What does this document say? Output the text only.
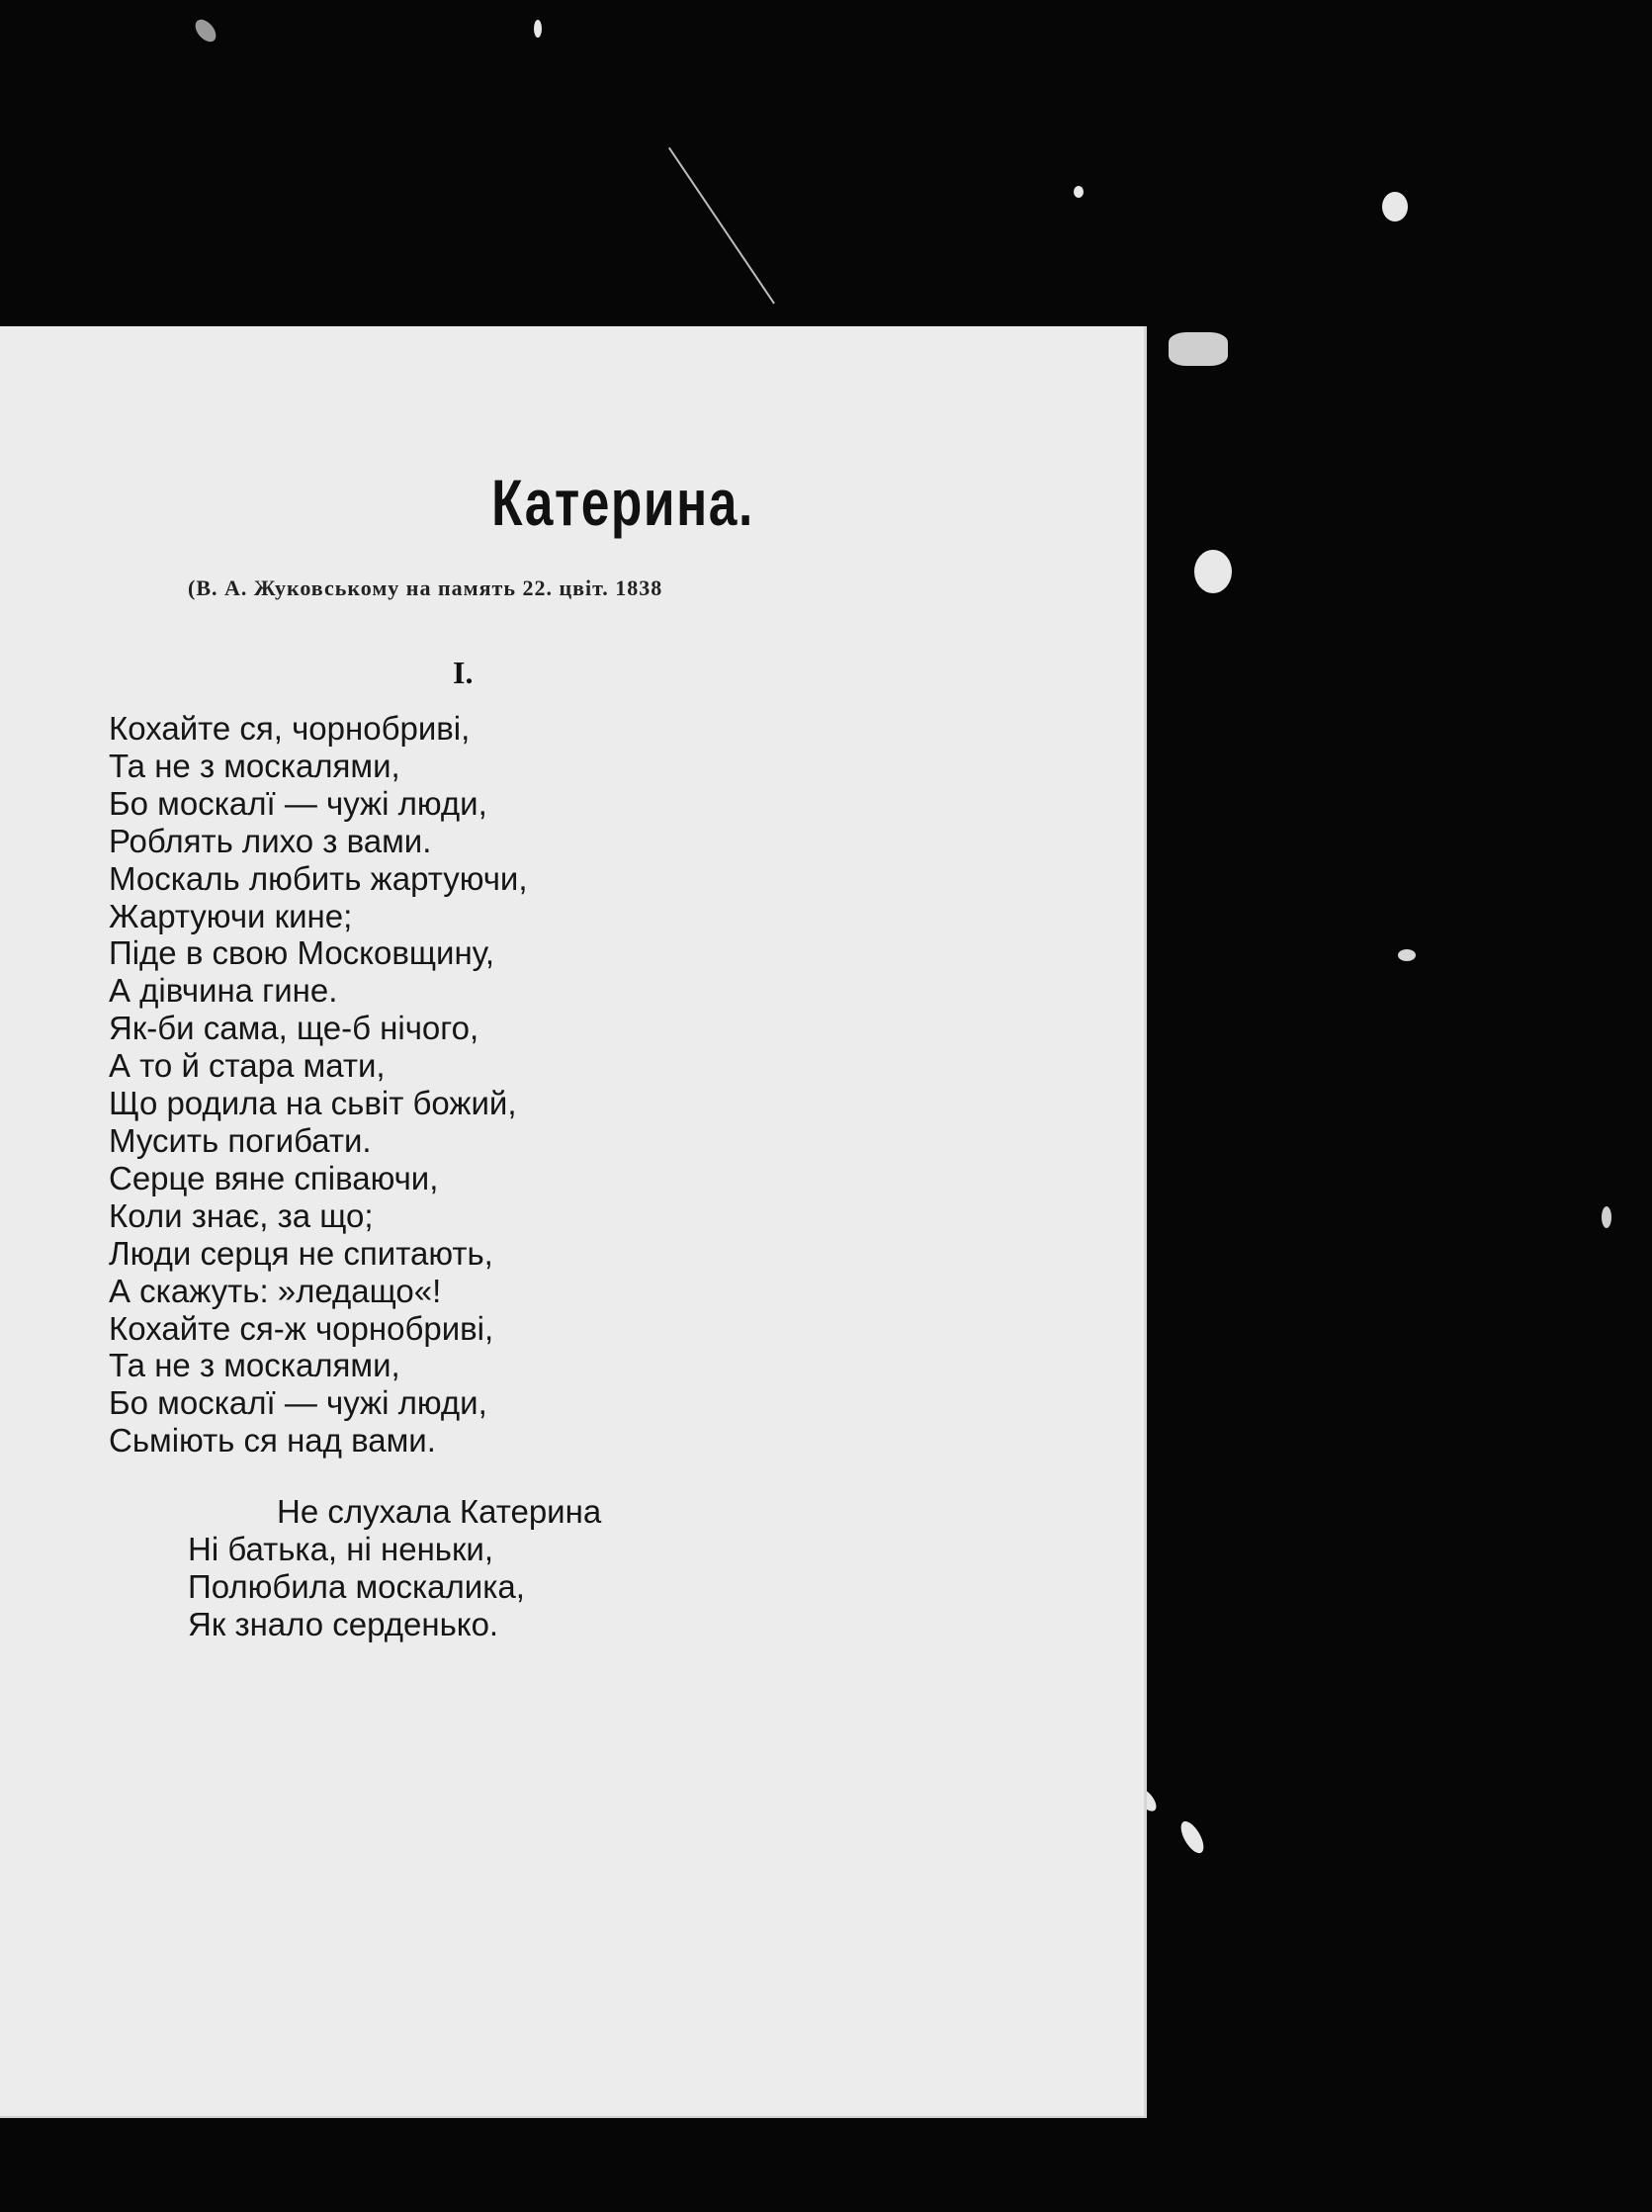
Катерина.
(В. А. Жуковському на память 22. цвіт. 1838
I.
Кохайте ся, чорнобриві,
Та не з москалями,
Бо москалї — чужі люди,
Роблять лихо з вами.
Москаль любить жартуючи,
Жартуючи кине;
Піде в свою Московщину,
А дівчина гине.
Як-би сама, ще-б нічого,
А то й стара мати,
Що родила на сьвіт божий,
Мусить погибати.
Серце вяне співаючи,
Коли знає, за що;
Люди серця не спитають,
А скажуть: »ледащо«!
Кохайте ся-ж чорнобриві,
Та не з москалями,
Бо москалї — чужі люди,
Сьміють ся над вами.
Не слухала Катерина
Ні батька, ні неньки,
Полюбила москалика,
Як знало серденько.
